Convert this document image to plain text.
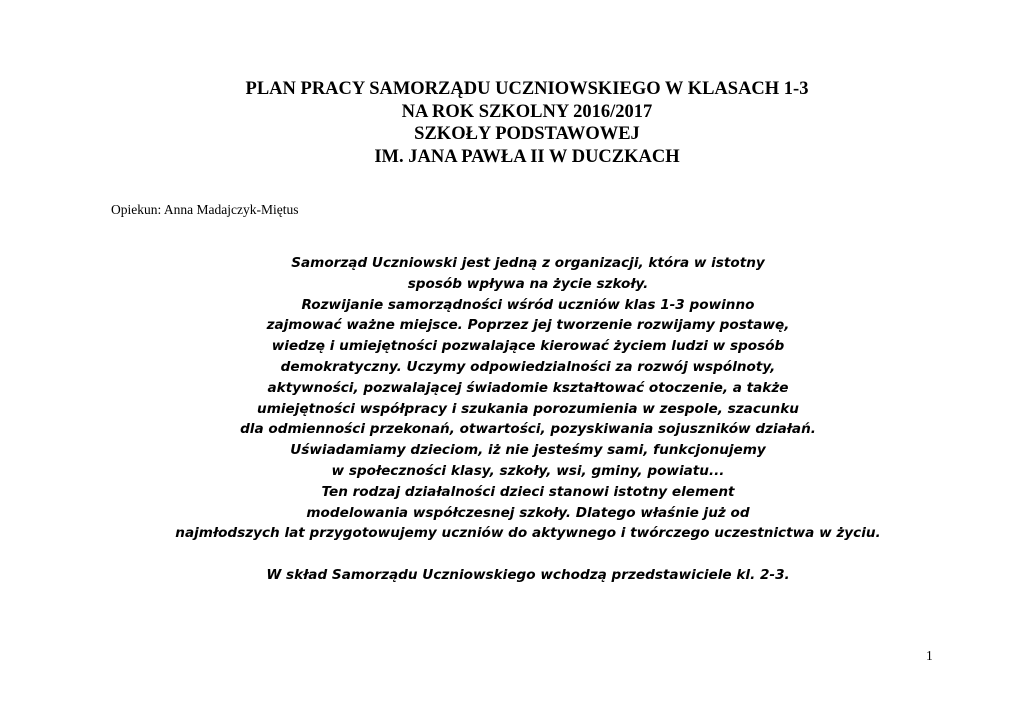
PLAN PRACY SAMORZĄDU UCZNIOWSKIEGO W KLASACH 1-3
NA ROK SZKOLNY 2016/2017
SZKOŁY PODSTAWOWEJ
IM. JANA PAWŁA II W DUCZKACH
Opiekun: Anna Madajczyk-Miętus
Samorząd Uczniowski jest jedną z organizacji, która w istotny
sposób wpływa na życie szkoły.
Rozwijanie samorządności wśród uczniów klas 1-3 powinno
zajmować ważne miejsce. Poprzez jej tworzenie rozwijamy postawę,
wiedzę i umiejętności pozwalające kierować życiem ludzi w sposób
demokratyczny. Uczymy odpowiedzialności za rozwój wspólnoty,
aktywności, pozwalającej świadomie kształtować otoczenie, a także
umiejętności współpracy i szukania porozumienia w zespole, szacunku
dla odmienności przekonań, otwartości, pozyskiwania sojuszników działań.
Uświadamiamy dzieciom, iż nie jesteśmy sami, funkcjonujemy
w społeczności klasy, szkoły, wsi, gminy, powiatu...
Ten rodzaj działalności dzieci stanowi istotny element
modelowania współczesnej szkoły. Dlatego właśnie już od
najmłodszych lat przygotowujemy uczniów do aktywnego i twórczego uczestnictwa w życiu.
W skład Samorządu Uczniowskiego wchodzą przedstawiciele kl. 2-3.
1
